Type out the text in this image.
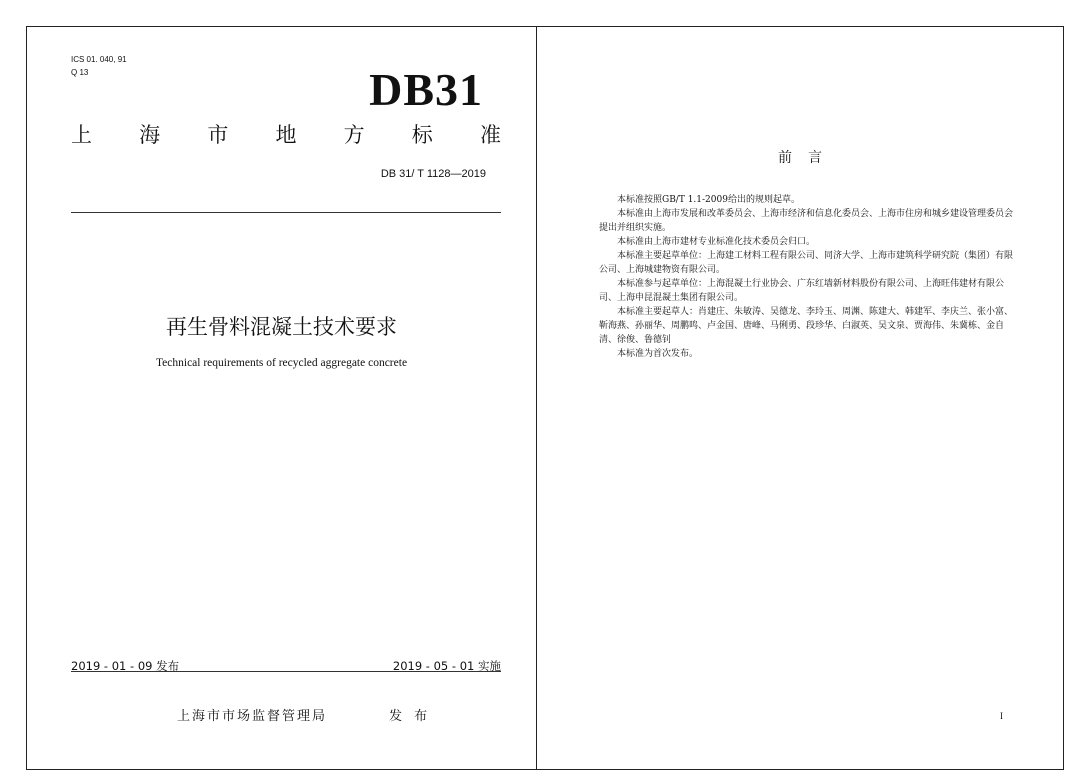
ICS 01. 040, 91
Q 13	DB31
上 海 市 地 方 标 准
DB 31/ T 1128—2019
再生骨料混凝土技术要求
Technical requirements of recycled aggregate concrete
2019 - 01 - 09 发布	2019 - 05 - 01 实施
上海市市场监督管理局	发 布
前言

本标准按照GB/T 1.1-2009给出的规则起草。

本标准由上海市发展和改革委员会、上海市经济和信息化委员会、上海市住房和城乡建设管理委员会提出并组织实施。

本标准由上海市建材专业标准化技术委员会归口。

本标准主要起草单位：上海建工材料工程有限公司、同济大学、上海市建筑科学研究院（集团）有限公司、上海城建物资有限公司。

本标准参与起草单位：上海混凝土行业协会、广东红墙新材料股份有限公司、上海旺伟建材有限公司、上海申昆混凝土集团有限公司。

本标准主要起草人：肖建庄、朱敏涛、吴德龙、李玲玉、周渊、陈建大、韩建军、李庆兰、张小富、靳海燕、孙丽华、周鹏鸣、卢金国、唐峰、马俐勇、段珍华、白淑英、吴文泉、贾海伟、朱冀栋、金自清、徐俊、鲁德钊

本标准为首次发布。

I
